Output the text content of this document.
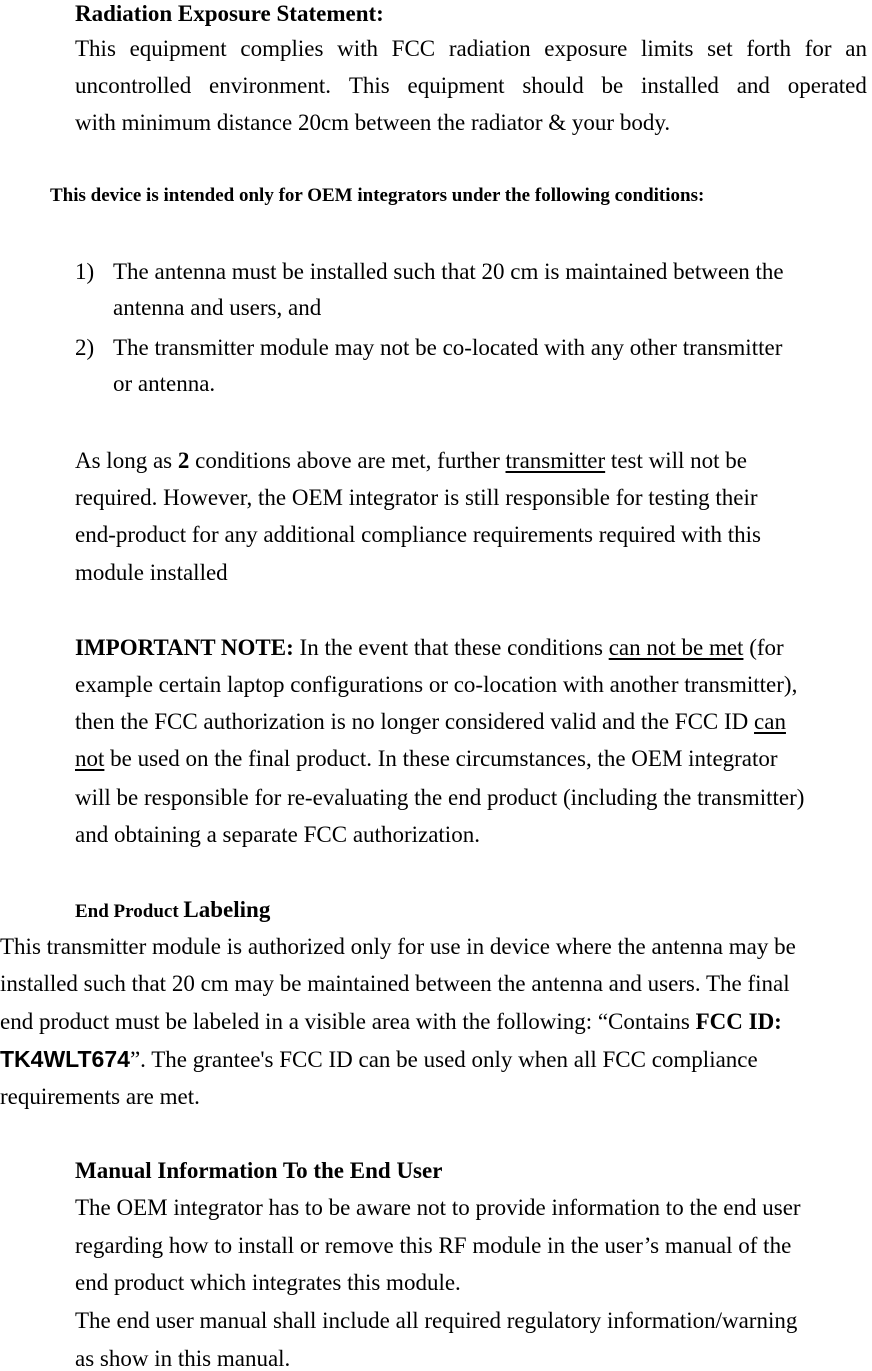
Radiation Exposure Statement:
This equipment complies with FCC radiation exposure limits set forth for an
uncontrolled environment. This equipment should be installed and operated
with minimum distance 20cm between the radiator & your body.
This device is intended only for OEM integrators under the following conditions:
1) The antenna must be installed such that 20 cm is maintained between the
antenna and users, and
2) The transmitter module may not be co-located with any other transmitter
or antenna.
As long as 2 conditions above are met, further transmitter test will not be
required. However, the OEM integrator is still responsible for testing their
end-product for any additional compliance requirements required with this
module installed
IMPORTANT NOTE: In the event that these conditions can not be met (for
example certain laptop configurations or co-location with another transmitter),
then the FCC authorization is no longer considered valid and the FCC ID can
not be used on the final product. In these circumstances, the OEM integrator
will be responsible for re-evaluating the end product (including the transmitter)
and obtaining a separate FCC authorization.
End Product Labeling
This transmitter module is authorized only for use in device where the antenna may be
installed such that 20 cm may be maintained between the antenna and users. The final
end product must be labeled in a visible area with the following: “Contains FCC ID:
TK4WLT674”. The grantee's FCC ID can be used only when all FCC compliance
requirements are met.
Manual Information To the End User
The OEM integrator has to be aware not to provide information to the end user
regarding how to install or remove this RF module in the user’s manual of the
end product which integrates this module.
The end user manual shall include all required regulatory information/warning
as show in this manual.
